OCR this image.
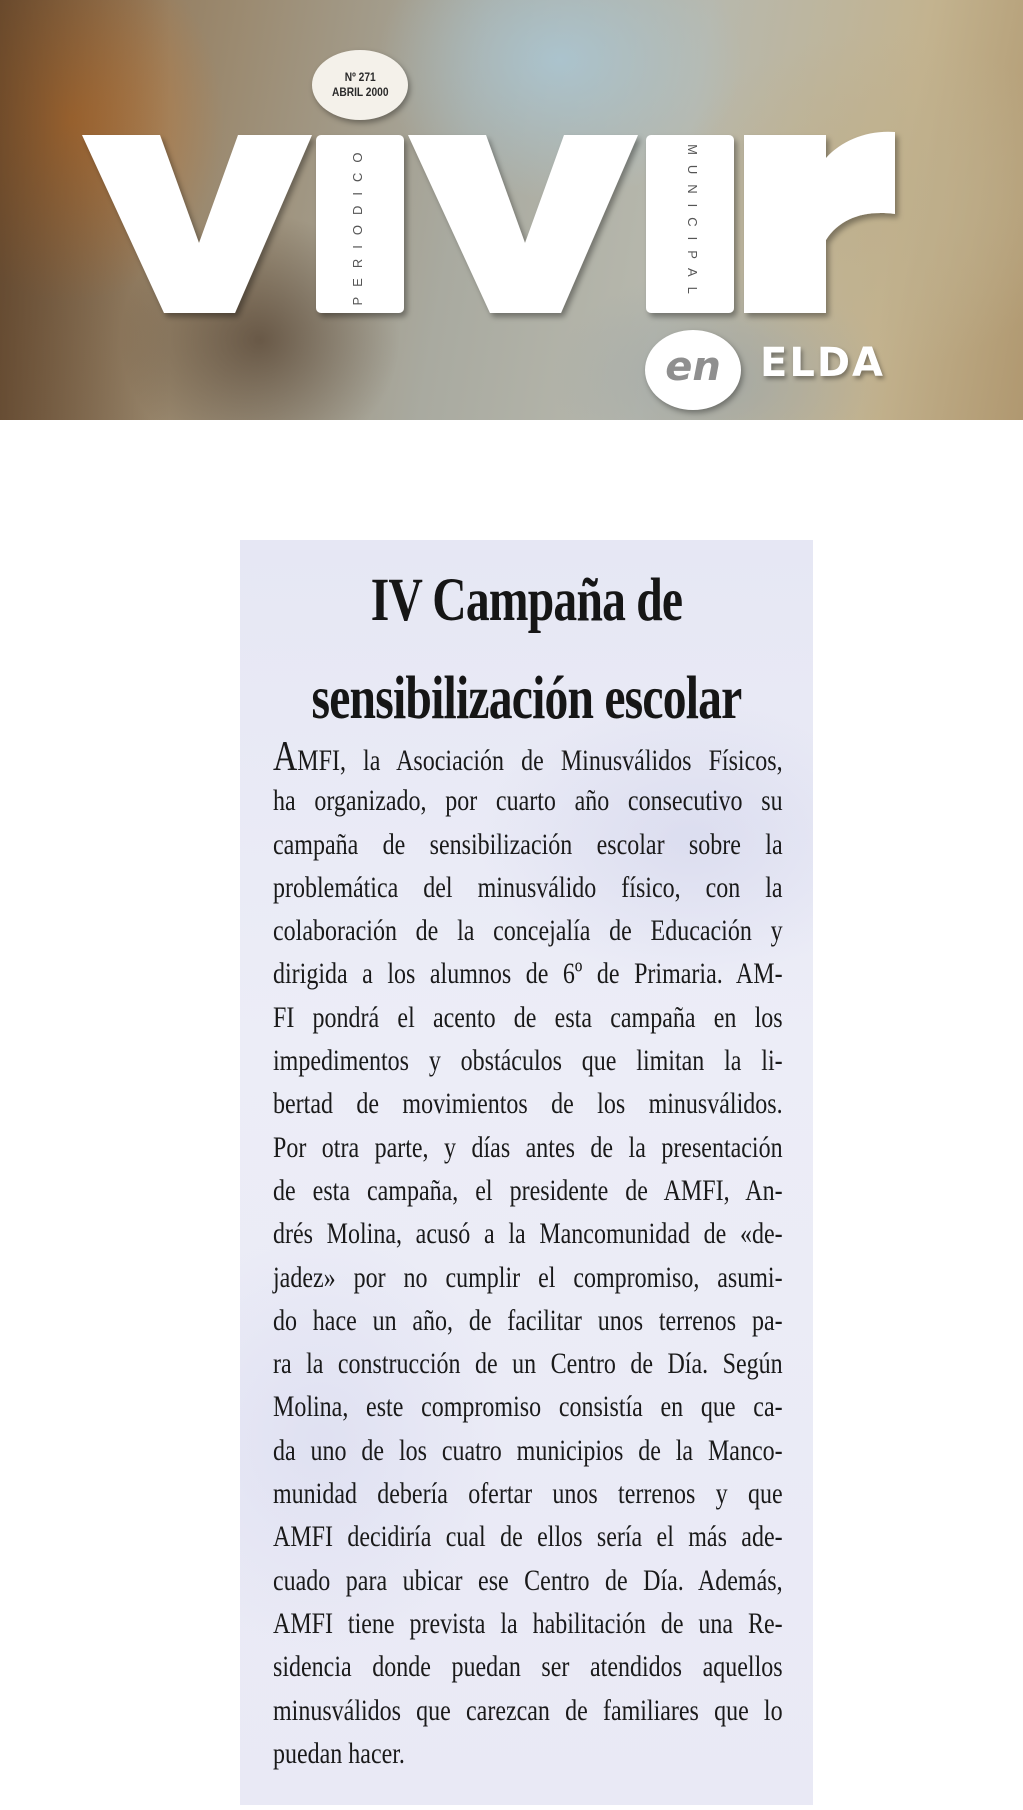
Nº 271
ABRIL 2000
PERIODICO	MUNICIPAL
en ELDA
IV Campaña de
sensibilización escolar
AMFI, la Asociación de Minusválidos Físicos,
ha organizado, por cuarto año consecutivo su
campaña de sensibilización escolar sobre la
problemática del minusválido físico, con la
colaboración de la concejalía de Educación y
dirigida a los alumnos de 6º de Primaria. AM-
FI pondrá el acento de esta campaña en los
impedimentos y obstáculos que limitan la li-
bertad de movimientos de los minusválidos.
Por otra parte, y días antes de la presentación
de esta campaña, el presidente de AMFI, An-
drés Molina, acusó a la Mancomunidad de «de-
jadez» por no cumplir el compromiso, asumi-
do hace un año, de facilitar unos terrenos pa-
ra la construcción de un Centro de Día. Según
Molina, este compromiso consistía en que ca-
da uno de los cuatro municipios de la Manco-
munidad debería ofertar unos terrenos y que
AMFI decidiría cual de ellos sería el más ade-
cuado para ubicar ese Centro de Día. Además,
AMFI tiene prevista la habilitación de una Re-
sidencia donde puedan ser atendidos aquellos
minusválidos que carezcan de familiares que lo
puedan hacer.
